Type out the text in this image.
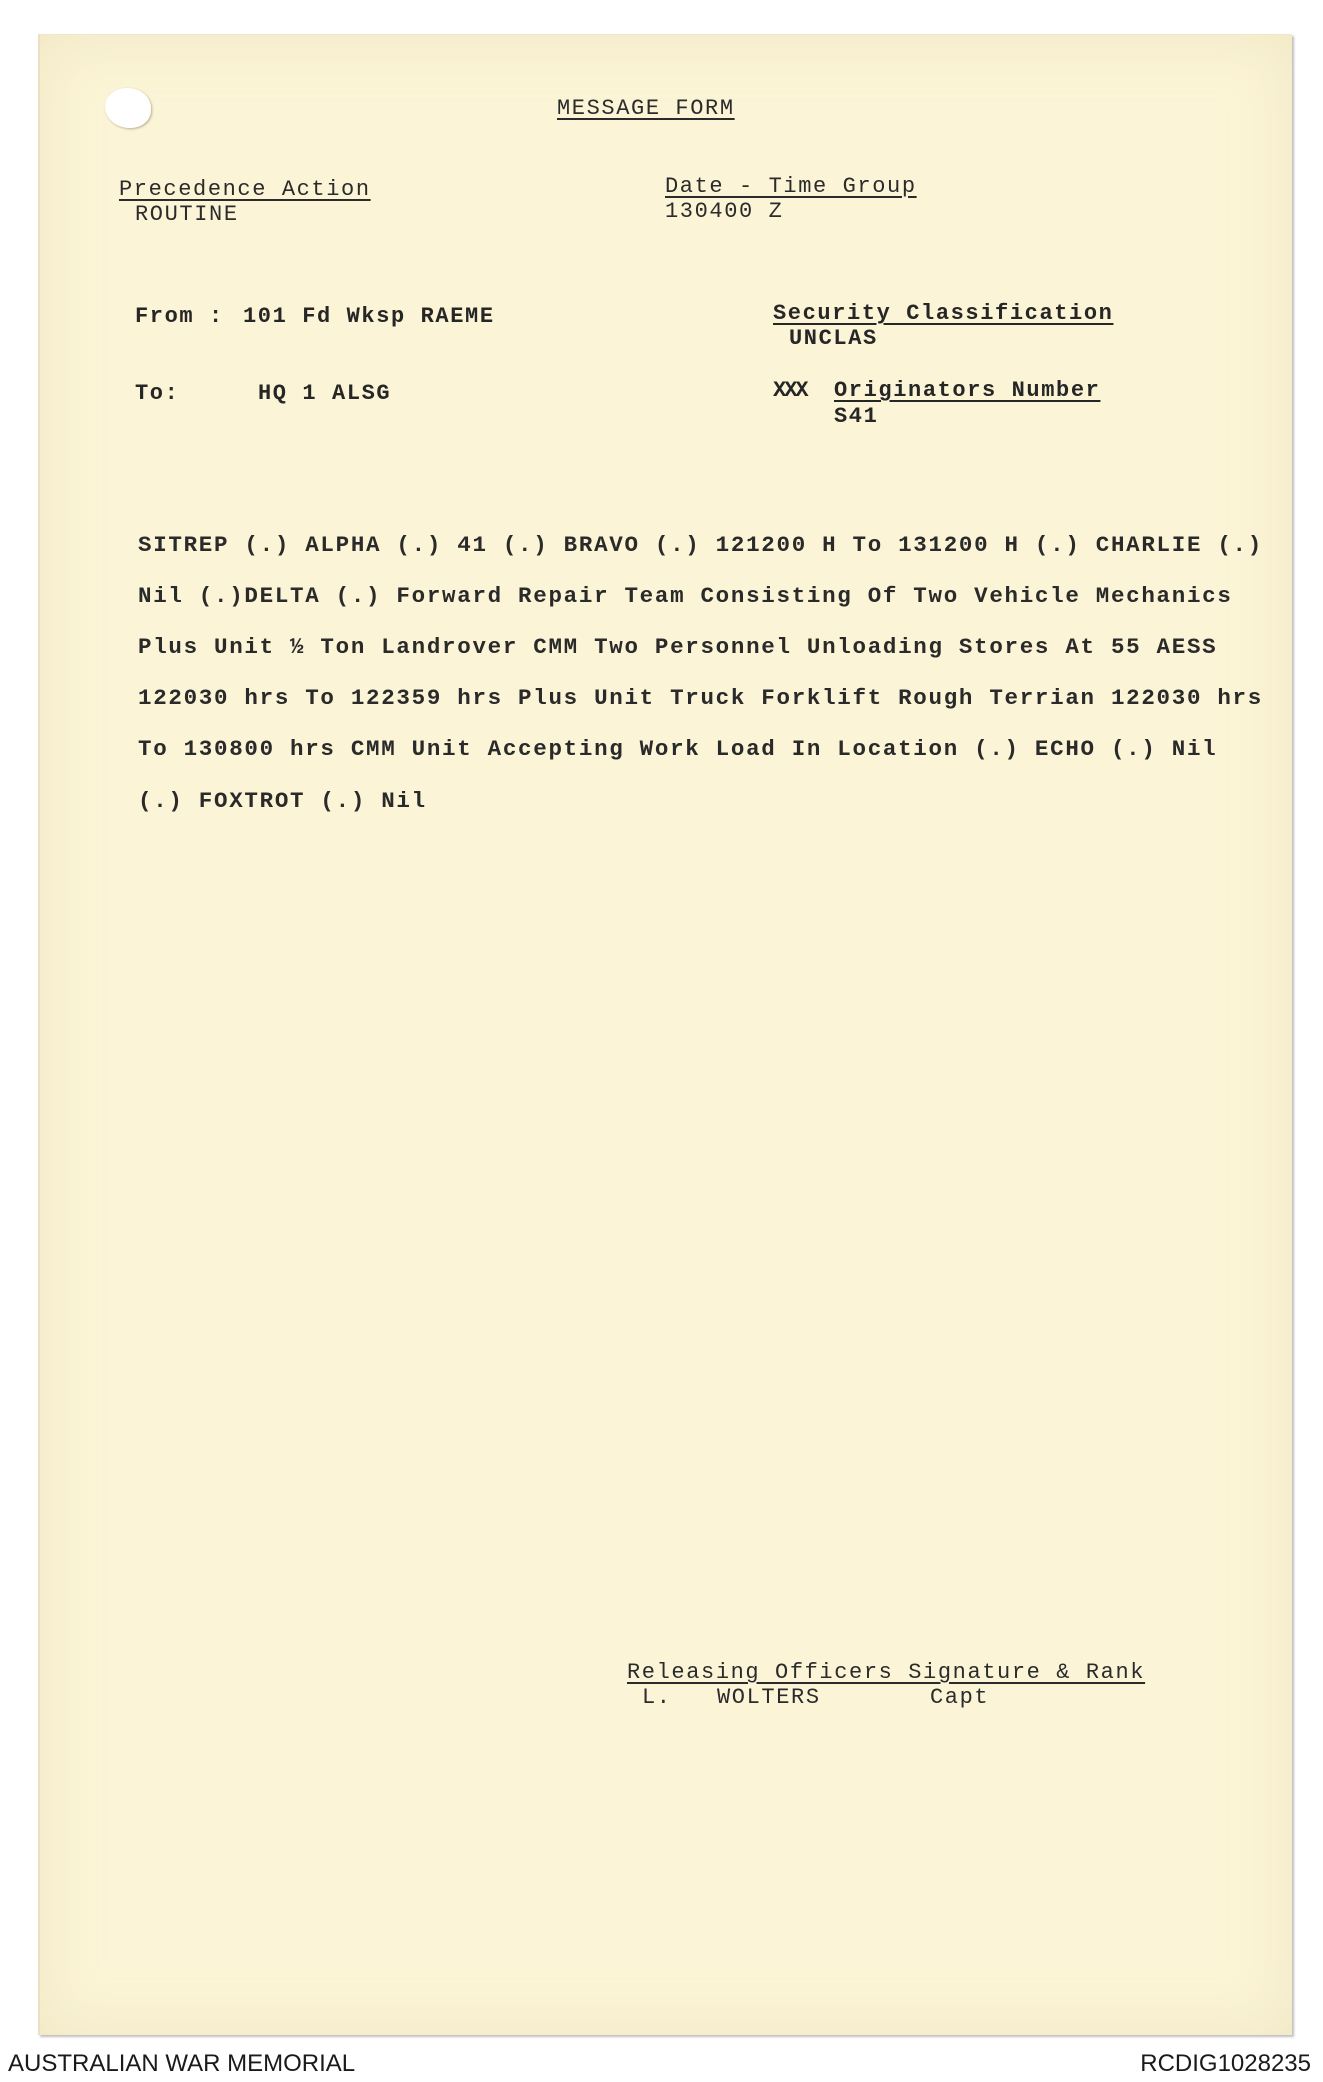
MESSAGE FORM
Precedence Action
ROUTINE
Date - Time Group
130400 Z
From : 101 Fd Wksp RAEME	Security Classification
UNCLAS
To:	HQ 1 ALSG	XXX Originators Number
S41
SITREP (.) ALPHA (.) 41 (.) BRAVO (.) 121200 H To 131200 H (.) CHARLIE (.)
Nil (.)DELTA (.) Forward Repair Team Consisting Of Two Vehicle Mechanics
Plus Unit ½ Ton Landrover CMM Two Personnel Unloading Stores At 55 AESS
122030 hrs To 122359 hrs Plus Unit Truck Forklift Rough Terrian 122030 hrs
To 130800 hrs CMM Unit Accepting Work Load In Location (.) ECHO (.) Nil
(.) FOXTROT (.) Nil
Releasing Officers Signature & Rank
L. WOLTERS	Capt
AUSTRALIAN WAR MEMORIAL	RCDIG1028235
